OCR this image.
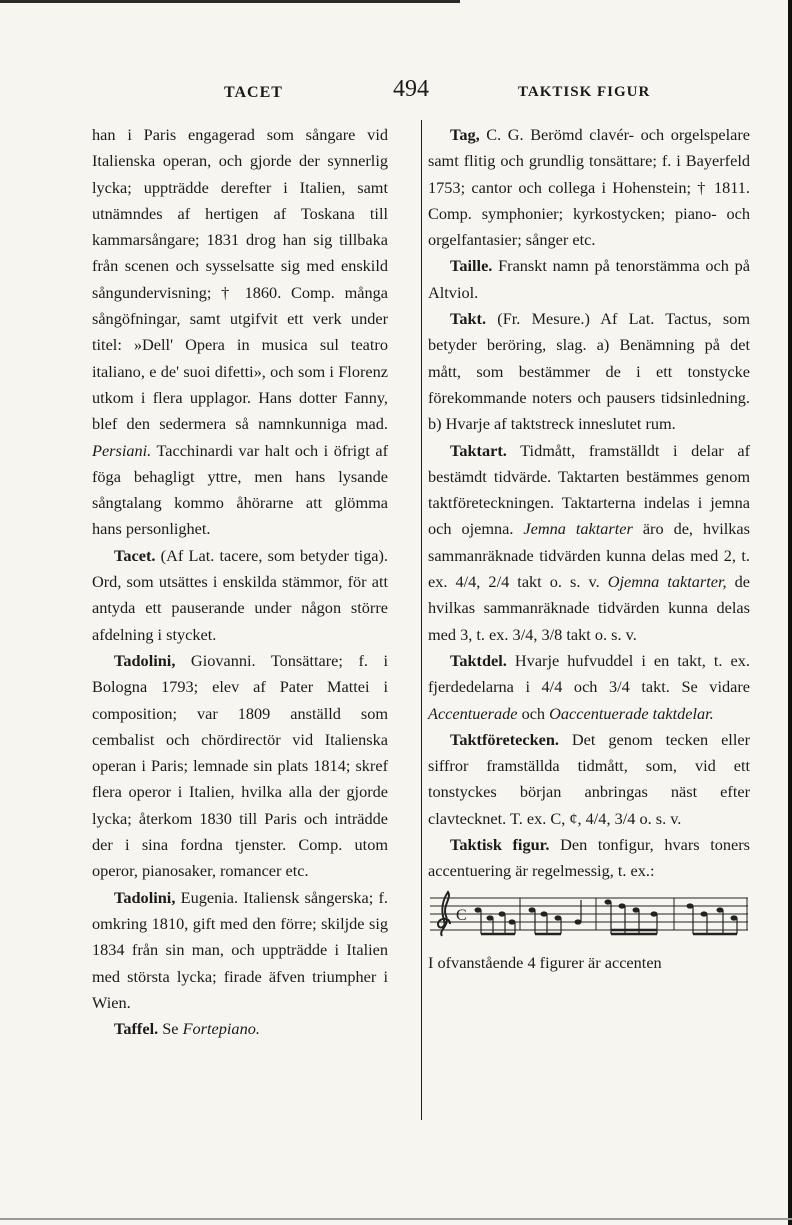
TACET	494	TAKTISK FIGUR

han i Paris engagerad som sångare vid Italienska operan, och gjorde der synnerlig lycka; uppträdde derefter i Italien, samt utnämndes af hertigen af Toskana till kammarsångare; 1831 drog han sig tillbaka från scenen och sysselsatte sig med enskild sångundervisning; † 1860. Comp. många sångöfningar, samt utgifvit ett verk under titel: »Dell' Opera in musica sul teatro italiano, e de' suoi difetti», och som i Florenz utkom i flera upplagor. Hans dotter Fanny, blef den sedermera så namnkunniga mad. Persiani. Tacchinardi var halt och i öfrigt af föga behagligt yttre, men hans lysande sångtalang kommo åhörarne att glömma hans personlighet.

Tacet. (Af Lat. tacere, som betyder tiga). Ord, som utsättes i enskilda stämmor, för att antyda ett pauserande under någon större afdelning i stycket.

Tadolini, Giovanni. Tonsättare; f. i Bologna 1793; elev af Pater Mattei i composition; var 1809 anställd som cembalist och chördirectör vid Italienska operan i Paris; lemnade sin plats 1814; skref flera operor i Italien, hvilka alla der gjorde lycka; återkom 1830 till Paris och inträdde der i sina fordna tjenster. Comp. utom operor, pianosaker, romancer etc.

Tadolini, Eugenia. Italiensk sångerska; f. omkring 1810, gift med den förre; skiljde sig 1834 från sin man, och uppträdde i Italien med största lycka; firade äfven triumpher i Wien.

Taffel. Se Fortepiano.

Tag, C. G. Berömd clavér- och orgelspelare samt flitig och grundlig tonsättare; f. i Bayerfeld 1753; cantor och collega i Hohenstein; † 1811. Comp. symphonier; kyrkostycken; piano- och orgelfantasier; sånger etc.

Taille. Franskt namn på tenorstämma och på Altviol.

Takt. (Fr. Mesure.) Af Lat. Tactus, som betyder beröring, slag. a) Benämning på det mått, som bestämmer de i ett tonstycke förekommande noters och pausers tidsinledning. b) Hvarje af taktstreck inneslutet rum.

Taktart. Tidmått, framställdt i delar af bestämdt tidvärde. Taktarten bestämmes genom taktföreteckningen. Taktarterna indelas i jemna och ojemna. Jemna taktarter äro de, hvilkas sammanräknade tidvärden kunna delas med 2, t. ex. 4/4, 2/4 takt o. s. v. Ojemna taktarter, de hvilkas sammanräknade tidvärden kunna delas med 3, t. ex. 3/4, 3/8 takt o. s. v.

Taktdel. Hvarje hufvuddel i en takt, t. ex. fjerdedelarna i 4/4 och 3/4 takt. Se vidare Accentuerade och Oaccentuerade taktdelar.

Taktföretecken. Det genom tecken eller siffror framställda tidmått, som, vid ett tonstyckes början anbringas näst efter clavtecknet. T. ex. C, ¢, 4/4, 3/4 o. s. v.

Taktisk figur. Den tonfigur, hvars toners accentuering är regelmessig, t. ex.:

C

I ofvanstående 4 figurer är accenten
